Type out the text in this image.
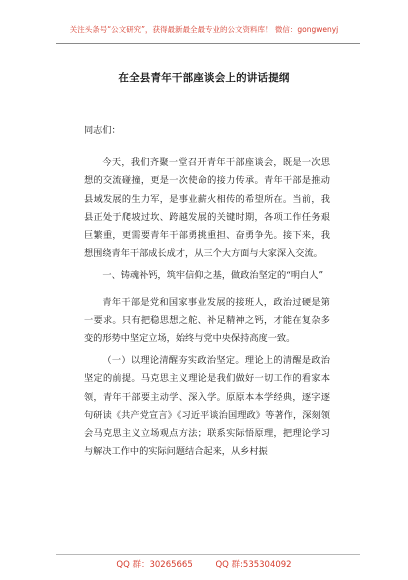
关注头条号“公文研究”，获得最新最全最专业的公文资料库！ 微信：gongwenyj
在全县青年干部座谈会上的讲话提纲
同志们：

今天，我们齐聚一堂召开青年干部座谈会，既是一次思想的交流碰撞，更是一次使命的接力传承。青年干部是推动县域发展的生力军，是事业薪火相传的希望所在。当前，我县正处于爬坡过坎、跨越发展的关键时期，各项工作任务艰巨繁重，更需要青年干部勇挑重担、奋勇争先。接下来，我想围绕青年干部成长成才，从三个大方面与大家深入交流。

一、铸魂补钙，筑牢信仰之基，做政治坚定的“明白人”

青年干部是党和国家事业发展的接班人，政治过硬是第一要求。只有把稳思想之舵、补足精神之钙，才能在复杂多变的形势中坚定立场，始终与党中央保持高度一致。

（一）以理论清醒夯实政治坚定。理论上的清醒是政治坚定的前提。马克思主义理论是我们做好一切工作的看家本领，青年干部要主动学、深入学。原原本本学经典，逐字逐句研读《共产党宣言》《习近平谈治国理政》等著作，深刻领会马克思主义立场观点方法；联系实际悟原理，把理论学习与解决工作中的实际问题结合起来，从乡村振

QQ 群：30265665	QQ 群:535304092
